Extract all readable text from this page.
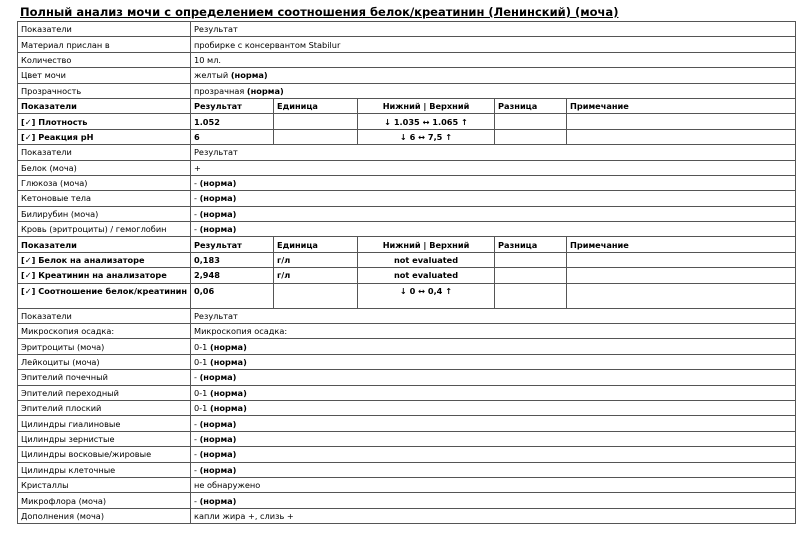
Полный анализ мочи с определением соотношения белок/креатинин (Ленинский) (моча)
Показатели	Результат				
Материал прислан в	пробирке с консервантом Stabilur				
Количество	10 мл.				
Цвет мочи	желтый (норма)				
Прозрачность	прозрачная (норма)				
Показатели	Результат	Единица	Нижний | Верхний	Разница	Примечание
[✓] Плотность	1.052		↓ 1.035 ↔ 1.065 ↑		
[✓] Реакция pH	6		↓ 6 ↔ 7,5 ↑		
Показатели	Результат				
Белок (моча)	+				
Глюкоза (моча)	- (норма)				
Кетоновые тела	- (норма)				
Билирубин (моча)	- (норма)				
Кровь (эритроциты) / гемоглобин	- (норма)				
Показатели	Результат	Единица	Нижний | Верхний	Разница	Примечание
[✓] Белок на анализаторе	0,183	г/л	not evaluated		
[✓] Креатинин на анализаторе	2,948	г/л	not evaluated		
[✓] Соотношение белок/креатинин	0,06		↓ 0 ↔ 0,4 ↑		
Показатели	Результат				
Микроскопия осадка:	Микроскопия осадка:				
Эритроциты (моча)	0-1 (норма)				
Лейкоциты (моча)	0-1 (норма)				
Эпителий почечный	- (норма)				
Эпителий переходный	0-1 (норма)				
Эпителий плоский	0-1 (норма)				
Цилиндры гиалиновые	- (норма)				
Цилиндры зернистые	- (норма)				
Цилиндры восковые/жировые	- (норма)				
Цилиндры клеточные	- (норма)				
Кристаллы	не обнаружено				
Микрофлора (моча)	- (норма)				
Дополнения (моча)	капли жира +, слизь +				
